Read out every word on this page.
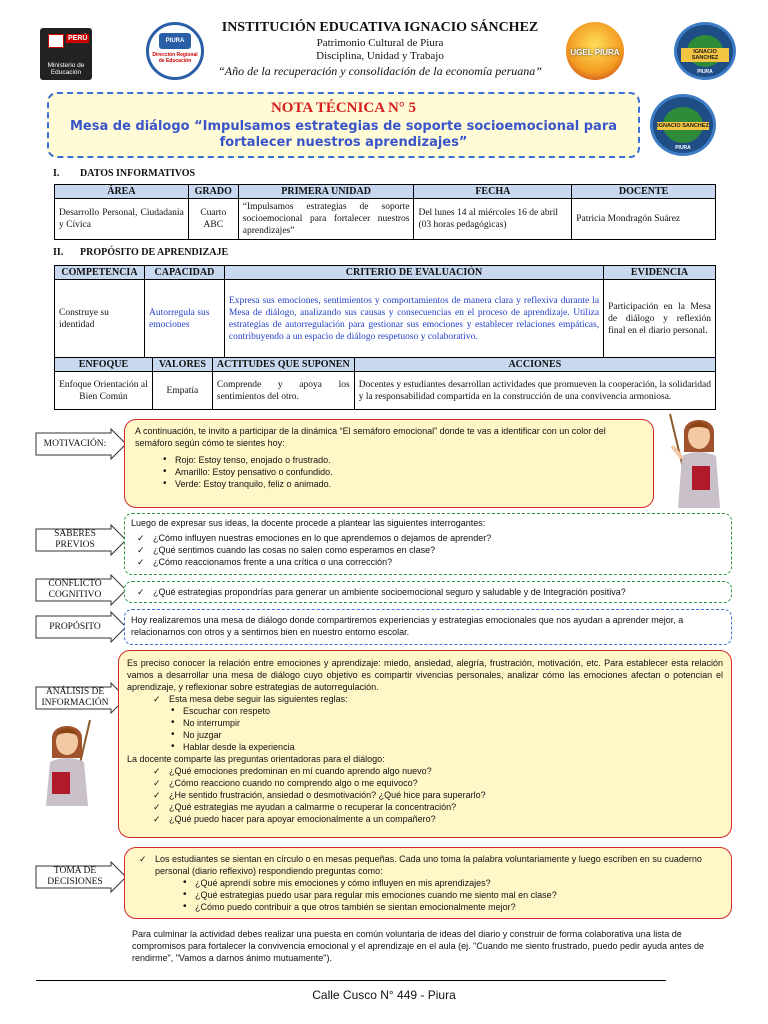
PERÚ
Ministerio de Educación
PIURA
Dirección Regional de Educación
INSTITUCIÓN EDUCATIVA IGNACIO SÁNCHEZ
Patrimonio Cultural de Piura
Disciplina, Unidad y Trabajo
“Año de la recuperación y consolidación de la economía peruana”
UGEL PIURA	IGNACIO SANCHEZ
PIURA
NOTA TÉCNICA N° 5
Mesa de diálogo “Impulsamos estrategias de soporte socioemocional para fortalecer nuestros aprendizajes”
IGNACIO SANCHEZ
PIURA
I. DATOS INFORMATIVOS
ÁREA	GRADO	PRIMERA UNIDAD	FECHA	DOCENTE
Desarrollo Personal, Ciudadanía y Cívica	Cuarto ABC	“Impulsamos estrategias de soporte socioemocional para fortalecer nuestros aprendizajes”	Del lunes 14 al miércoles 16 de abril (03 horas pedagógicas)	Patricia Mondragón Suárez
II. PROPÓSITO DE APRENDIZAJE
COMPETENCIA	CAPACIDAD	CRITERIO DE EVALUACIÓN	EVIDENCIA
Construye su identidad	Autorregula sus emociones	Expresa sus emociones, sentimientos y comportamientos de manera clara y reflexiva durante la Mesa de diálogo, analizando sus causas y consecuencias en el proceso de aprendizaje. Utiliza estrategias de autorregulación para gestionar sus emociones y establecer relaciones empáticas, contribuyendo a un espacio de diálogo respetuoso y colaborativo.	Participación en la Mesa de diálogo y reflexión final en el diario personal.
ENFOQUE	VALORES	ACTITUDES QUE SUPONEN	ACCIONES
Enfoque Orientación al Bien Común	Empatía	Comprende y apoya los sentimientos del otro.	Docentes y estudiantes desarrollan actividades que promueven la cooperación, la solidaridad y la responsabilidad compartida en la construcción de una convivencia armoniosa.
MOTIVACIÓN:
SABERES PREVIOS
CONFLICTO COGNITIVO
PROPÓSITO
ANÁLISIS DE INFORMACIÓN
TOMA DE DECISIONES
A continuación, te invito a participar de la dinámica “El semáforo emocional” donde te vas a identificar con un color del semáforo según cómo te sientes hoy:
• Rojo: Estoy tenso, enojado o frustrado.
• Amarillo: Estoy pensativo o confundido.
• Verde: Estoy tranquilo, feliz o animado.
Luego de expresar sus ideas, la docente procede a plantear las siguientes interrogantes:
✓ ¿Cómo influyen nuestras emociones en lo que aprendemos o dejamos de aprender?
✓ ¿Qué sentimos cuando las cosas no salen como esperamos en clase?
✓ ¿Cómo reaccionamos frente a una crítica o una corrección?
✓ ¿Qué estrategias propondrías para generar un ambiente socioemocional seguro y saludable y de Integración positiva?
Hoy realizaremos una mesa de diálogo donde compartiremos experiencias y estrategias emocionales que nos ayudan a aprender mejor, a relacionarnos con otros y a sentirnos bien en nuestro entorno escolar.
Es preciso conocer la relación entre emociones y aprendizaje: miedo, ansiedad, alegría, frustración, motivación, etc. Para establecer esta relación vamos a desarrollar una mesa de diálogo cuyo objetivo es compartir vivencias personales, analizar cómo las emociones afectan o potencian el aprendizaje, y reflexionar sobre estrategias de autorregulación.
✓ Esta mesa debe seguir las siguientes reglas:
• Escuchar con respeto
• No interrumpir
• No juzgar
• Hablar desde la experiencia
La docente comparte las preguntas orientadoras para el diálogo:
✓ ¿Qué emociones predominan en mí cuando aprendo algo nuevo?
✓ ¿Cómo reacciono cuando no comprendo algo o me equivoco?
✓ ¿He sentido frustración, ansiedad o desmotivación? ¿Qué hice para superarlo?
✓ ¿Qué estrategias me ayudan a calmarme o recuperar la concentración?
✓ ¿Qué puedo hacer para apoyar emocionalmente a un compañero?
✓ Los estudiantes se sientan en círculo o en mesas pequeñas. Cada uno toma la palabra voluntariamente y luego escriben en su cuaderno personal (diario reflexivo) respondiendo preguntas como:
• ¿Qué aprendí sobre mis emociones y cómo influyen en mis aprendizajes?
• ¿Qué estrategias puedo usar para regular mis emociones cuando me siento mal en clase?
• ¿Cómo puedo contribuir a que otros también se sientan emocionalmente mejor?
Para culminar la actividad debes realizar una puesta en común voluntaria de ideas del diario y construir de forma colaborativa una lista de compromisos para fortalecer la convivencia emocional y el aprendizaje en el aula (ej. "Cuando me siento frustrado, puedo pedir ayuda antes de rendirme", "Vamos a darnos ánimo mutuamente").
Calle Cusco N° 449 - Piura
